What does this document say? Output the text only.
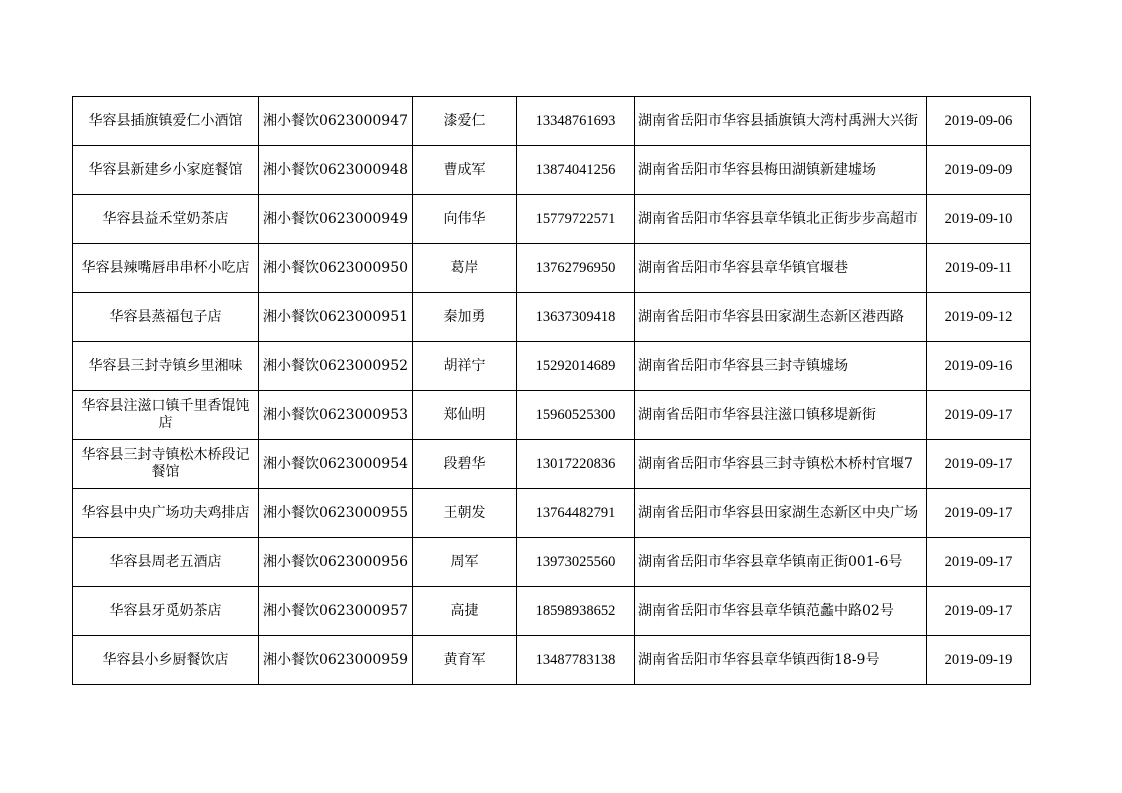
华容县插旗镇爱仁小酒馆	湘小餐饮0623000947	漆爱仁	13348761693	湖南省岳阳市华容县插旗镇大湾村禹洲大兴街	2019-09-06
华容县新建乡小家庭餐馆	湘小餐饮0623000948	曹成军	13874041256	湖南省岳阳市华容县梅田湖镇新建墟场	2019-09-09
华容县益禾堂奶茶店	湘小餐饮0623000949	向伟华	15779722571	湖南省岳阳市华容县章华镇北正街步步高超市	2019-09-10
华容县辣嘴唇串串杯小吃店	湘小餐饮0623000950	葛岸	13762796950	湖南省岳阳市华容县章华镇官堰巷	2019-09-11
华容县蒸福包子店	湘小餐饮0623000951	秦加勇	13637309418	湖南省岳阳市华容县田家湖生态新区港西路	2019-09-12
华容县三封寺镇乡里湘味	湘小餐饮0623000952	胡祥宁	15292014689	湖南省岳阳市华容县三封寺镇墟场	2019-09-16
华容县注滋口镇千里香馄饨店	湘小餐饮0623000953	郑仙明	15960525300	湖南省岳阳市华容县注滋口镇移堤新街	2019-09-17
华容县三封寺镇松木桥段记餐馆	湘小餐饮0623000954	段碧华	13017220836	湖南省岳阳市华容县三封寺镇松木桥村官堰7	2019-09-17
华容县中央广场功夫鸡排店	湘小餐饮0623000955	王朝发	13764482791	湖南省岳阳市华容县田家湖生态新区中央广场	2019-09-17
华容县周老五酒店	湘小餐饮0623000956	周军	13973025560	湖南省岳阳市华容县章华镇南正街001-6号	2019-09-17
华容县牙觅奶茶店	湘小餐饮0623000957	高捷	18598938652	湖南省岳阳市华容县章华镇范蠡中路02号	2019-09-17
华容县小乡厨餐饮店	湘小餐饮0623000959	黄育军	13487783138	湖南省岳阳市华容县章华镇西街18-9号	2019-09-19
